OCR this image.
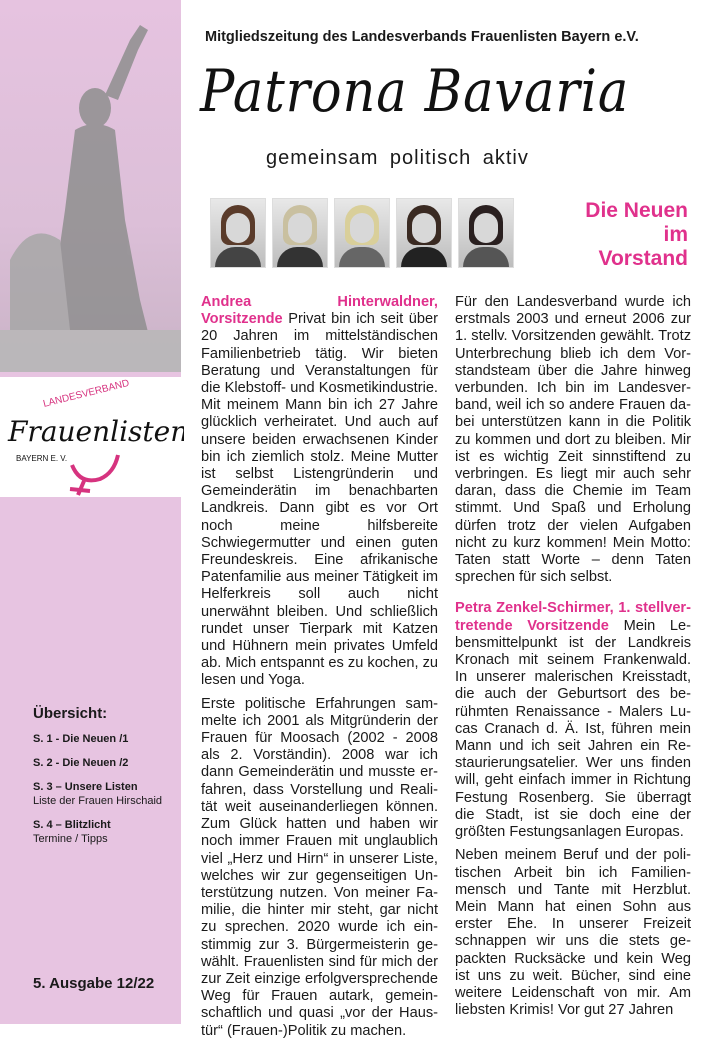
LANDESVERBAND
Frauenlisten
BAYERN E. V.
Übersicht:
S. 1 - Die Neuen /1
S. 2 - Die Neuen /2
S. 3 – Unsere Listen
Liste der Frauen Hirschaid
S. 4 – Blitzlicht
Termine / Tipps
5. Ausgabe 12/22
Mitgliedszeitung des Landesverbands Frauenlisten Bayern e.V.
Patrona Bavaria
gemeinsam politisch aktiv
Die Neuen
im
Vorstand

Andrea Hinterwaldner, Vorsitzende Privat bin ich seit über 20 Jahren im mittelständischen Familienbetrieb tätig. Wir bieten Beratung und Veranstaltungen für die Klebstoff- und Kosmetikindustrie. Mit meinem Mann bin ich 27 Jahre glücklich verheiratet. Und auch auf unsere beiden erwachsenen Kinder bin ich ziemlich stolz. Meine Mutter ist selbst Listengründerin und Gemeinderätin im benachbarten Landkreis. Dann gibt es vor Ort noch meine hilfsbereite Schwiegermutter und einen guten Freundeskreis. Eine afrikanische Patenfamilie aus meiner Tätigkeit im Helferkreis soll auch nicht unerwähnt bleiben. Und schließlich rundet unser Tierpark mit Katzen und Hühnern mein privates Umfeld ab. Mich entspannt es zu kochen, zu lesen und Yoga.

Erste politische Erfahrungen sammelte ich 2001 als Mitgründerin der Frauen für Moosach (2002 - 2008 als 2. Vorständin). 2008 war ich dann Gemeinderätin und musste erfahren, dass Vorstellung und Realität weit auseinanderliegen können. Zum Glück hatten und haben wir noch immer Frauen mit unglaublich viel „Herz und Hirn“ in unserer Liste, welches wir zur gegenseitigen Unterstützung nutzen. Von meiner Familie, die hinter mir steht, gar nicht zu sprechen. 2020 wurde ich einstimmig zur 3. Bürgermeisterin gewählt. Frauenlisten sind für mich der zur Zeit einzige erfolgversprechende Weg für Frauen autark, gemeinschaftlich und quasi „vor der Haustür“ (Frauen-)Politik zu machen.

Für den Landesverband wurde ich erstmals 2003 und erneut 2006 zur 1. stellv. Vorsitzenden gewählt. Trotz Unterbrechung blieb ich dem Vorstandsteam über die Jahre hinweg verbunden. Ich bin im Landesverband, weil ich so andere Frauen dabei unterstützen kann in die Politik zu kommen und dort zu bleiben. Mir ist es wichtig Zeit sinnstiftend zu verbringen. Es liegt mir auch sehr daran, dass die Chemie im Team stimmt. Und Spaß und Erholung dürfen trotz der vielen Aufgaben nicht zu kurz kommen! Mein Motto: Taten statt Worte – denn Taten sprechen für sich selbst.

Petra Zenkel-Schirmer, 1. stellvertretende Vorsitzende Mein Lebensmittelpunkt ist der Landkreis Kronach mit seinem Frankenwald. In unserer malerischen Kreisstadt, die auch der Geburtsort des berühmten Renaissance - Malers Lucas Cranach d. Ä. Ist, führen mein Mann und ich seit Jahren ein Restaurierungsatelier. Wer uns finden will, geht einfach immer in Richtung Festung Rosenberg. Sie überragt die Stadt, ist sie doch eine der größten Festungsanlagen Europas.

Neben meinem Beruf und der politischen Arbeit bin ich Familienmensch und Tante mit Herzblut. Mein Mann hat einen Sohn aus erster Ehe. In unserer Freizeit schnappen wir uns die stets gepackten Rucksäcke und kein Weg ist uns zu weit. Bücher, sind eine weitere Leidenschaft von mir. Am liebsten Krimis! Vor gut 27 Jahren
